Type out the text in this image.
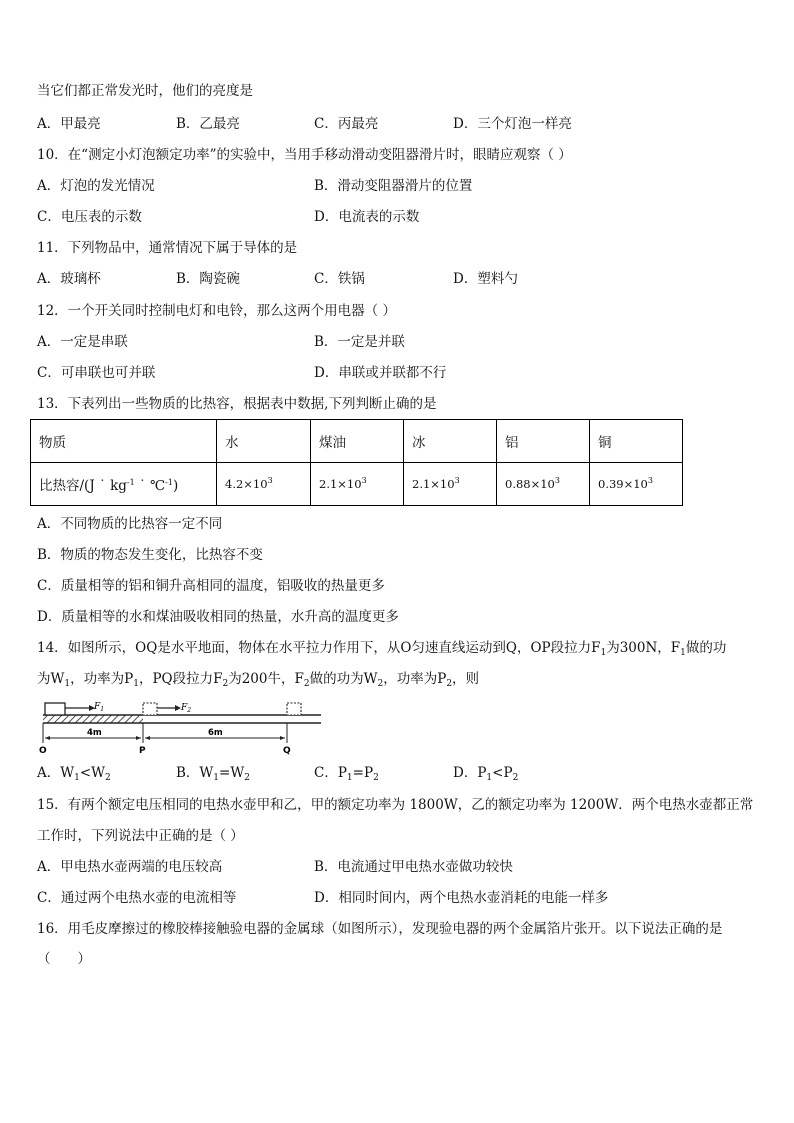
当它们都正常发光时，他们的亮度是
A．甲最亮	B．乙最亮	C．丙最亮	D．三个灯泡一样亮
10．在“测定小灯泡额定功率”的实验中，当用手移动滑动变阻器滑片时，眼睛应观察（ ）
A．灯泡的发光情况	B．滑动变阻器滑片的位置
C．电压表的示数	D．电流表的示数
11．下列物品中，通常情况下属于导体的是
A．玻璃杯	B．陶瓷碗	C．铁锅	D．塑料勺
12．一个开关同时控制电灯和电铃，那么这两个用电器（ ）
A．一定是串联	B．一定是并联
C．可串联也可并联	D．串联或并联都不行
13．下表列出一些物质的比热容，根据表中数据,下列判断止确的是
物质	水	煤油	冰	铝	铜
比热容/(J ˙ $kg^{-1}$ ˙ ℃$^{-1}$)	$4.2\times 10^3$	$2.1\times 10^3$	$2.1\times 10^3$	$0.88\times 10^3$	$0.39\times 10^3$
A．不同物质的比热容一定不同
B．物质的物态发生变化，比热容不变
C．质量相等的铝和铜升高相同的温度，铝吸收的热量更多
D．质量相等的水和煤油吸收相同的热量，水升高的温度更多
14．如图所示，OQ是水平地面，物体在水平拉力作用下，从O匀速直线运动到Q，OP段拉力$F_1$为300N，$F_1$做的功
为$W_1$，功率为$P_1$，PQ段拉力$F_2$为200牛，$F_2$做的功为$W_2$，功率为$P_2$，则
$F_1$	$F_2$
4m	6m
O	P	Q
A．$W_1<W_2$	B．$W_1=W_2$	C．$P_1=P_2$	D．$P_1<P_2$
15．有两个额定电压相同的电热水壶甲和乙，甲的额定功率为 1800W，乙的额定功率为 1200W．两个电热水壶都正常
工作时，下列说法中正确的是（ ）
A．甲电热水壶两端的电压较高	B．电流通过甲电热水壶做功较快
C．通过两个电热水壶的电流相等	D．相同时间内，两个电热水壶消耗的电能一样多
16．用毛皮摩擦过的橡胶棒接触验电器的金属球（如图所示），发现验电器的两个金属箔片张开。以下说法正确的是
（　　）
